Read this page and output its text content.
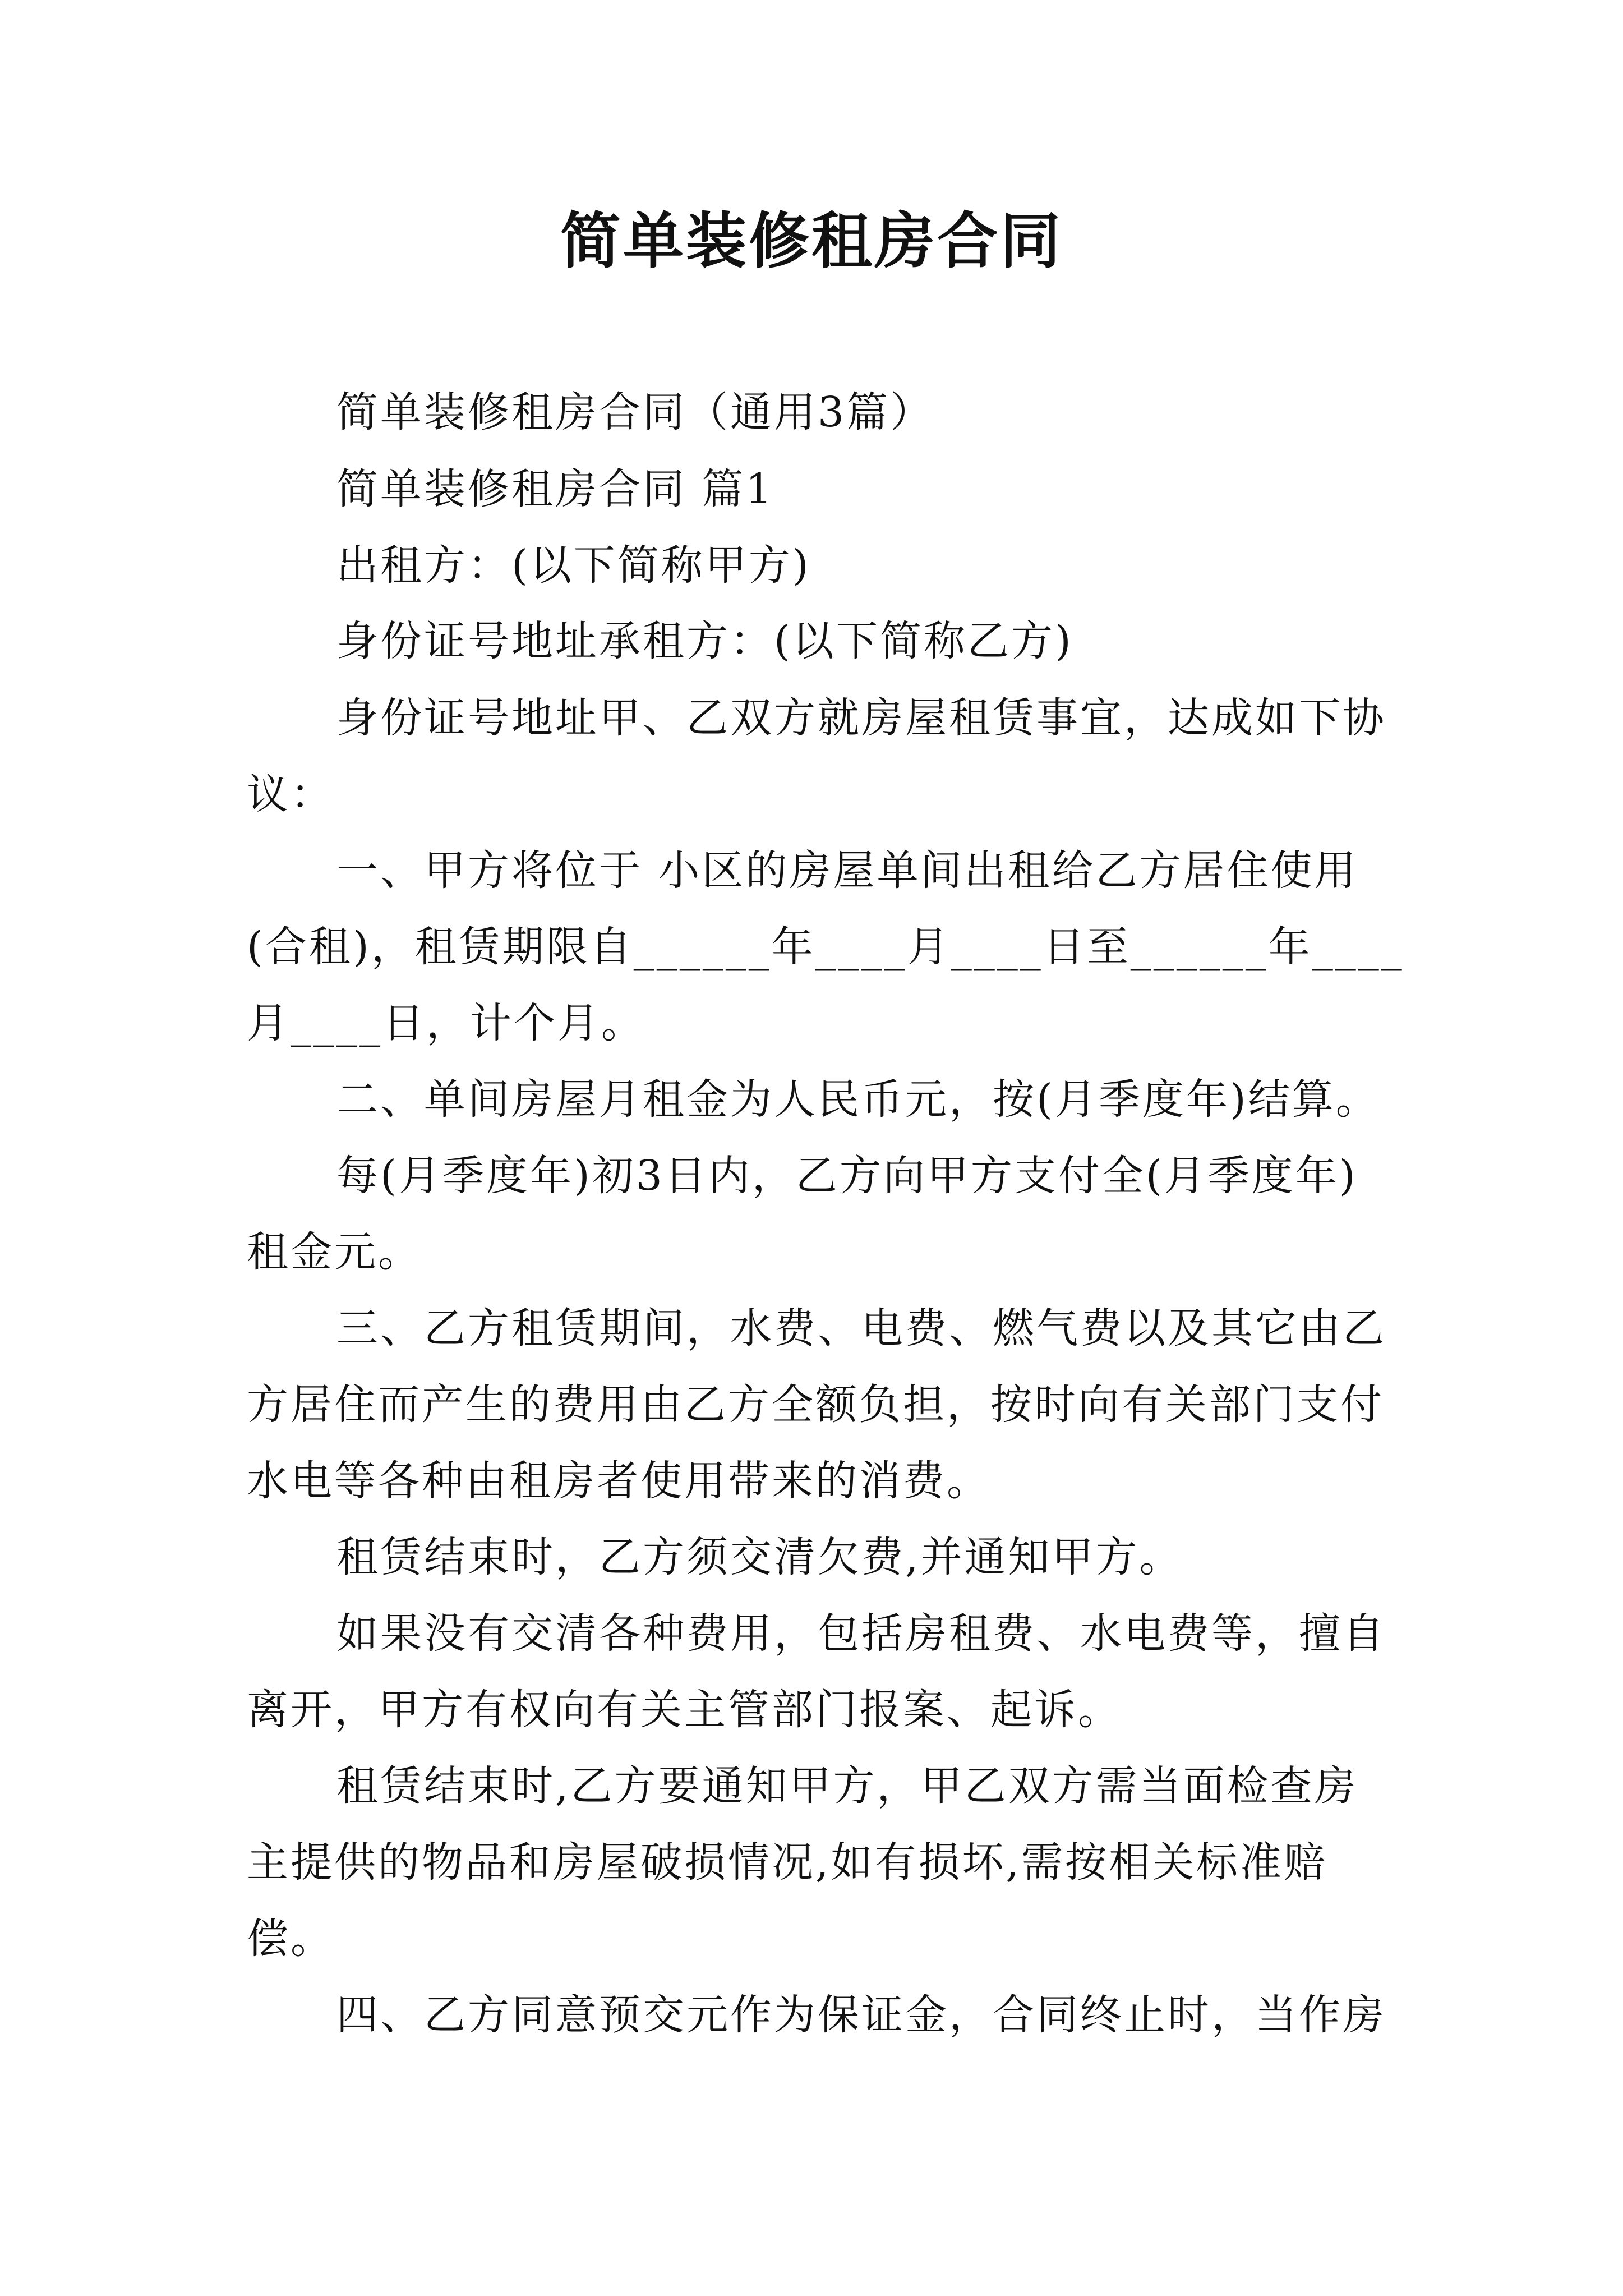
简单装修租房合同
简单装修租房合同（通用3篇）
简单装修租房合同 篇1
出租方：(以下简称甲方)
身份证号地址承租方：(以下简称乙方)
身份证号地址甲、乙双方就房屋租赁事宜，达成如下协
议：
一、甲方将位于 小区的房屋单间出租给乙方居住使用
(合租)，租赁期限自______年____月____日至______年____
月____日，计个月。
二、单间房屋月租金为人民币元，按(月季度年)结算。
每(月季度年)初3日内，乙方向甲方支付全(月季度年)
租金元。
三、乙方租赁期间，水费、电费、燃气费以及其它由乙
方居住而产生的费用由乙方全额负担，按时向有关部门支付
水电等各种由租房者使用带来的消费。
租赁结束时，乙方须交清欠费,并通知甲方。
如果没有交清各种费用，包括房租费、水电费等，擅自
离开，甲方有权向有关主管部门报案、起诉。
租赁结束时,乙方要通知甲方，甲乙双方需当面检查房
主提供的物品和房屋破损情况,如有损坏,需按相关标准赔
偿。
四、乙方同意预交元作为保证金，合同终止时，当作房
